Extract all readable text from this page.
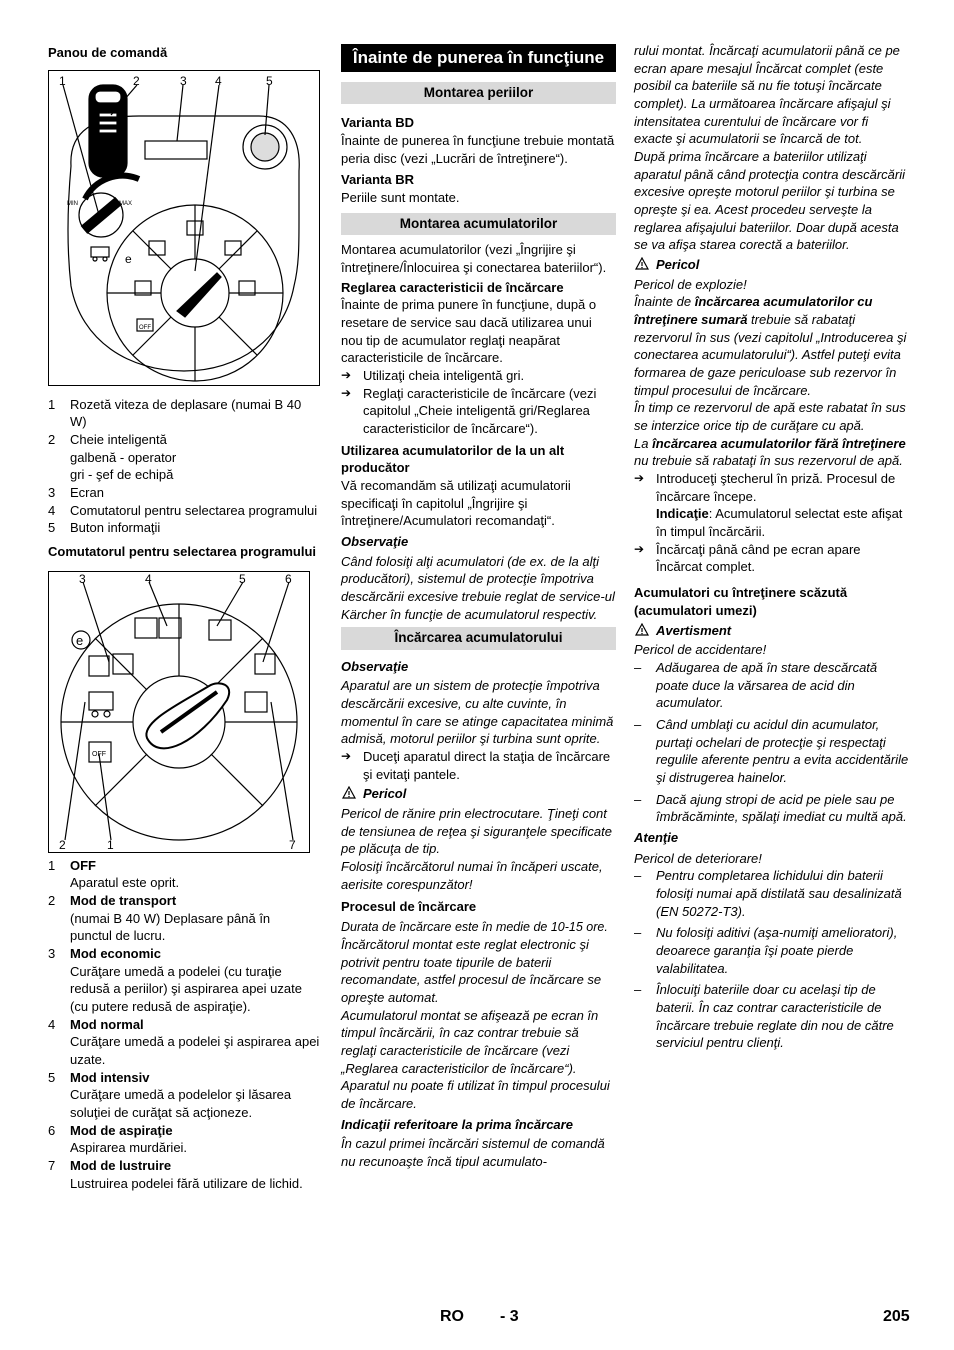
Panou de comandă

1	2	3 4	5
MIN	MAX
OFF
e
1 Rozetă viteza de deplasare (numai B 40 W)
2 Cheie inteligentă galbenă - operator gri - şef de echipă
3 Ecran
4 Comutatorul pentru selectarea programului
5 Buton informaţii

Comutatorul pentru selectarea programului

3	4	5	6
2	1	7
OFF
e
1 OFF
Aparatul este oprit.
2 Mod de transport

(numai B 40 W) Deplasare până în punctul de lucru.
3 Mod economic
Curăţare umedă a podelei (cu turaţie redusă a periilor) şi aspirarea apei uzate (cu putere redusă de aspiraţie).
4 Mod normal
Curăţare umedă a podelei şi aspirarea apei uzate.
5 Mod intensiv
Curăţare umedă a podelelor şi lăsarea soluţiei de curăţat să acţioneze.
6 Mod de aspiraţie
Aspirarea murdăriei.
7 Mod de lustruire
Lustruirea podelei fără utilizare de lichid.
Înainte de punerea în funcţiune
Montarea periilor

Varianta BD

Înainte de punerea în funcţiune trebuie montată peria disc (vezi „Lucrări de întreţinere“).

Varianta BR

Periile sunt montate.

Montarea acumulatorilor

Montarea acumulatorilor (vezi „Îngrijire şi întreţinere/Înlocuirea şi conectarea bateriilor“).

Reglarea caracteristicii de încărcare

Înainte de prima punere în funcţiune, după o resetare de service sau dacă utilizarea unui nou tip de acumulator reglaţi neapărat caracteristicile de încărcare.

➔ Utilizaţi cheia inteligentă gri.
➔ Reglaţi caracteristicile de încărcare (vezi capitolul „Cheie inteligentă gri/Reglarea caracteristicilor de încărcare“).

Utilizarea acumulatorilor de la un alt producător

Vă recomandăm să utilizaţi acumulatorii specificaţi în capitolul „Îngrijire şi întreţinere/Acumulatori recomandaţi“.

Observaţie

Când folosiţi alţi acumulatori (de ex. de la alţi producători), sistemul de protecţie împotriva descărcării excesive trebuie reglat de service-ul Kärcher în funcţie de acumulatorul respectiv.

Încărcarea acumulatorului

Observaţie

Aparatul are un sistem de protecţie împotriva descărcării excesive, cu alte cuvinte, în momentul în care se atinge capacitatea minimă admisă, motorul periilor şi turbina sunt oprite.

➔ Duceţi aparatul direct la staţia de încărcare şi evitaţi pantele.
Pericol

Pericol de rănire prin electrocutare. Ţineţi cont de tensiunea de reţea şi siguranţele specificate pe plăcuţa de tip.

Folosiţi încărcătorul numai în încăperi uscate, aerisite corespunzător!

Procesul de încărcare

Durata de încărcare este în medie de 10-15 ore.

Încărcătorul montat este reglat electronic şi potrivit pentru toate tipurile de baterii recomandate, astfel procesul de încărcare se opreşte automat.

Acumulatorul montat se afişează pe ecran în timpul încărcării, în caz contrar trebuie să reglaţi caracteristicile de încărcare (vezi „Reglarea caracteristicilor de încărcare“). Aparatul nu poate fi utilizat în timpul procesului de încărcare.

Indicaţii referitoare la prima încărcare

În cazul primei încărcări sistemul de comandă nu recunoaşte încă tipul acumulato-

rului montat. Încărcaţi acumulatorii până ce pe ecran apare mesajul Încărcat complet (este posibil ca bateriile să nu fie totuşi încărcate complet). La următoarea încărcare afişajul şi intensitatea curentului de încărcare vor fi exacte şi acumulatorii se încarcă de tot.

După prima încărcare a bateriilor utilizaţi aparatul până când protecţia contra descărcării excesive opreşte motorul periilor şi turbina se opreşte şi ea. Acest procedeu serveşte la reglarea afişajului bateriilor. Doar după acesta se va afişa starea corectă a bateriilor.

Pericol

Pericol de explozie!

Înainte de încărcarea acumulatorilor cu întreţinere sumară trebuie să rabataţi rezervorul în sus (vezi capitolul „Introducerea şi conectarea acumulatorului“). Astfel puteţi evita formarea de gaze periculoase sub rezervor în timpul procesului de încărcare.

În timp ce rezervorul de apă este rabatat în sus se interzice orice tip de curăţare cu apă.

La încărcarea acumulatorilor fără întreţinere nu trebuie să rabataţi în sus rezervorul de apă.

➔ Introduceţi ştecherul în priză. Procesul de încărcare începe.
Indicaţie: Acumulatorul selectat este afişat în timpul încărcării.
➔ Încărcaţi până când pe ecran apare Încărcat complet.

Acumulatori cu întreţinere scăzută (acumulatori umezi)

Avertisment

Pericol de accidentare!

– Adăugarea de apă în stare descărcată poate duce la vărsarea de acid din acumulator.
– Când umblaţi cu acidul din acumulator, purtaţi ochelari de protecţie şi respectaţi regulile aferente pentru a evita accidentările şi distrugerea hainelor.
– Dacă ajung stropi de acid pe piele sau pe îmbrăcăminte, spălaţi imediat cu multă apă.

Atenţie

Pericol de deteriorare!

– Pentru completarea lichidului din baterii folosiţi numai apă distilată sau desalinizată (EN 50272-T3).
– Nu folosiţi aditivi (aşa-numiţi amelioratori), deoarece garanţia îşi poate pierde valabilitatea.
– Înlocuiţi bateriile doar cu acelaşi tip de baterii. În caz contrar caracteristicile de încărcare trebuie reglate din nou de către serviciul pentru clienţi.
RO - 3	205
